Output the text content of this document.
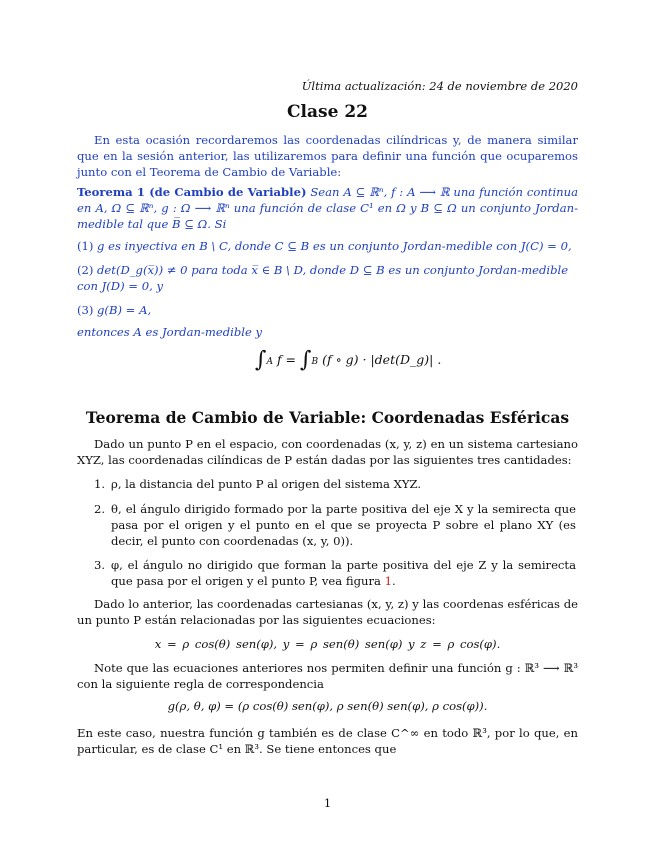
Última actualización: 24 de noviembre de 2020
Clase 22
En esta ocasión recordaremos las coordenadas cilíndricas y, de manera similar que en la sesión anterior, las utilizaremos para definir una función que ocuparemos junto con el Teorema de Cambio de Variable:
Teorema 1 (de Cambio de Variable) Sean A ⊆ ℝⁿ, f : A ⟶ ℝ una función continua en A, Ω ⊆ ℝⁿ, g : Ω ⟶ ℝⁿ una función de clase C¹ en Ω y B ⊆ Ω un conjunto Jordan-medible tal que B̅ ⊆ Ω. Si
(1) g es inyectiva en B \ C, donde C ⊆ B es un conjunto Jordan-medible con J(C) = 0,
(2) det(D_g(x̅)) ≠ 0 para toda x̅ ∈ B \ D, donde D ⊆ B es un conjunto Jordan-medible con J(D) = 0, y
(3) g(B) = A,
entonces A es Jordan-medible y
∫A f = ∫B (f ∘ g) · |det(D_g)| .
Teorema de Cambio de Variable: Coordenadas Esféricas
Dado un punto P en el espacio, con coordenadas (x, y, z) en un sistema cartesiano XYZ, las coordenadas cilíndicas de P están dadas por las siguientes tres cantidades:
1. ρ, la distancia del punto P al origen del sistema XYZ.
2. θ, el ángulo dirigido formado por la parte positiva del eje X y la semirecta que pasa por el origen y el punto en el que se proyecta P sobre el plano XY (es decir, el punto con coordenadas (x, y, 0)).
3. φ, el ángulo no dirigido que forman la parte positiva del eje Z y la semirecta que pasa por el origen y el punto P, vea figura 1.
Dado lo anterior, las coordenadas cartesianas (x, y, z) y las coordenas esféricas de un punto P están relacionadas por las siguientes ecuaciones:
x = ρ cos(θ) sen(φ), y = ρ sen(θ) sen(φ) y z = ρ cos(φ).
Note que las ecuaciones anteriores nos permiten definir una función g : ℝ³ ⟶ ℝ³ con la siguiente regla de correspondencia
g(ρ, θ, φ) = (ρ cos(θ) sen(φ), ρ sen(θ) sen(φ), ρ cos(φ)).
En este caso, nuestra función g también es de clase C^∞ en todo ℝ³, por lo que, en particular, es de clase C¹ en ℝ³. Se tiene entonces que
1
